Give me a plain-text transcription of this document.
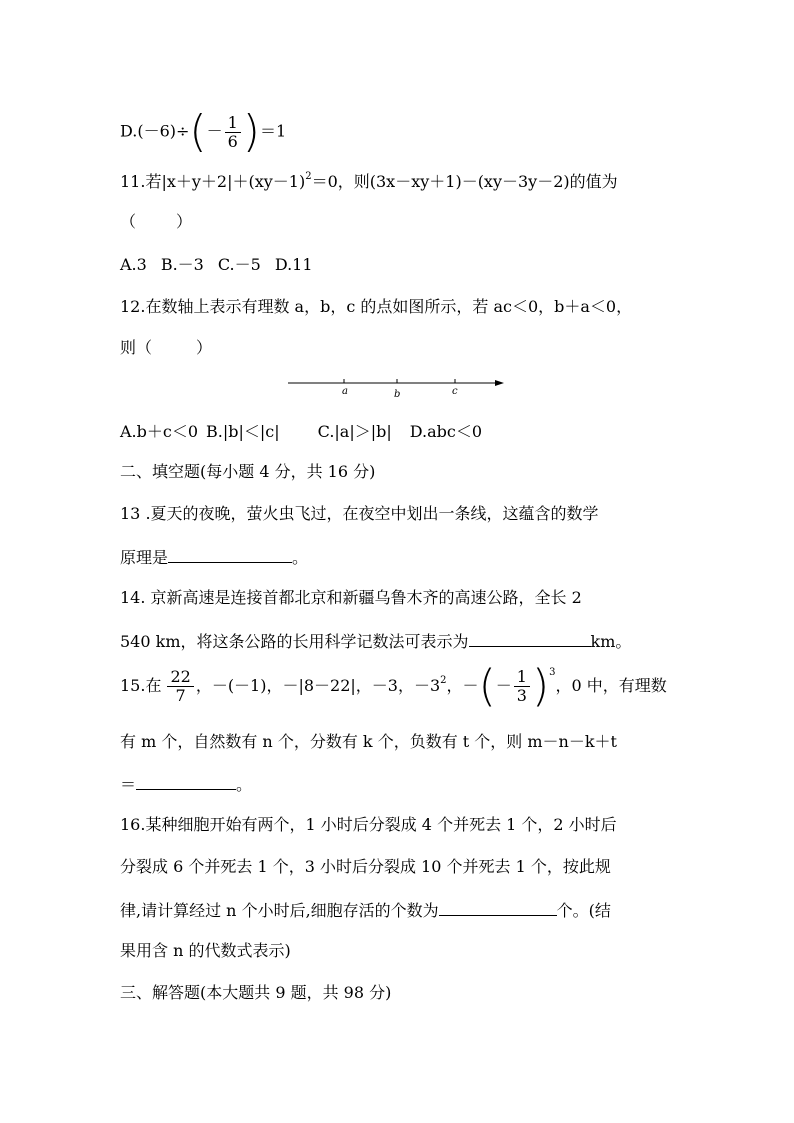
$D.(-6)\div(- \frac{1}{6} )=1$
11.若$|x+y+2|+(xy-1)^2=0$，则(3x－xy＋1)－(xy－3y－2)的值为
（	）
A.3 B.－3 C.－5 D.11
12.在数轴上表示有理数 a，b，c 的点如图所示，若 ac＜0，b＋a＜0，
则（	）
a	b	c
A.b＋c＜0 B.|b|＜|c| C.|a|＞|b| D.abc＜0
二、填空题(每小题 4 分，共 16 分)
13 .夏天的夜晚，萤火虫飞过，在夜空中划出一条线，这蕴含的数学
原理是	。
14. 京新高速是连接首都北京和新疆乌鲁木齐的高速公路，全长 2
540 km，将这条公路的长用科学记数法可表示为	km。
15.在 $\frac{22}{7}$ ，－(－1)，－|8－22|，－3，$-3^2$，－(－ $\frac{1}{3} )^3$，0 中，有理数
有 m 个，自然数有 n 个，分数有 k 个，负数有 t 个，则 m－n－k＋t
＝	。
16.某种细胞开始有两个，1 小时后分裂成 4 个并死去 1 个，2 小时后
分裂成 6 个并死去 1 个，3 小时后分裂成 10 个并死去 1 个，按此规
律,请计算经过 n 个小时后,细胞存活的个数为	个。(结
果用含 n 的代数式表示)
三、解答题(本大题共 9 题，共 98 分)
